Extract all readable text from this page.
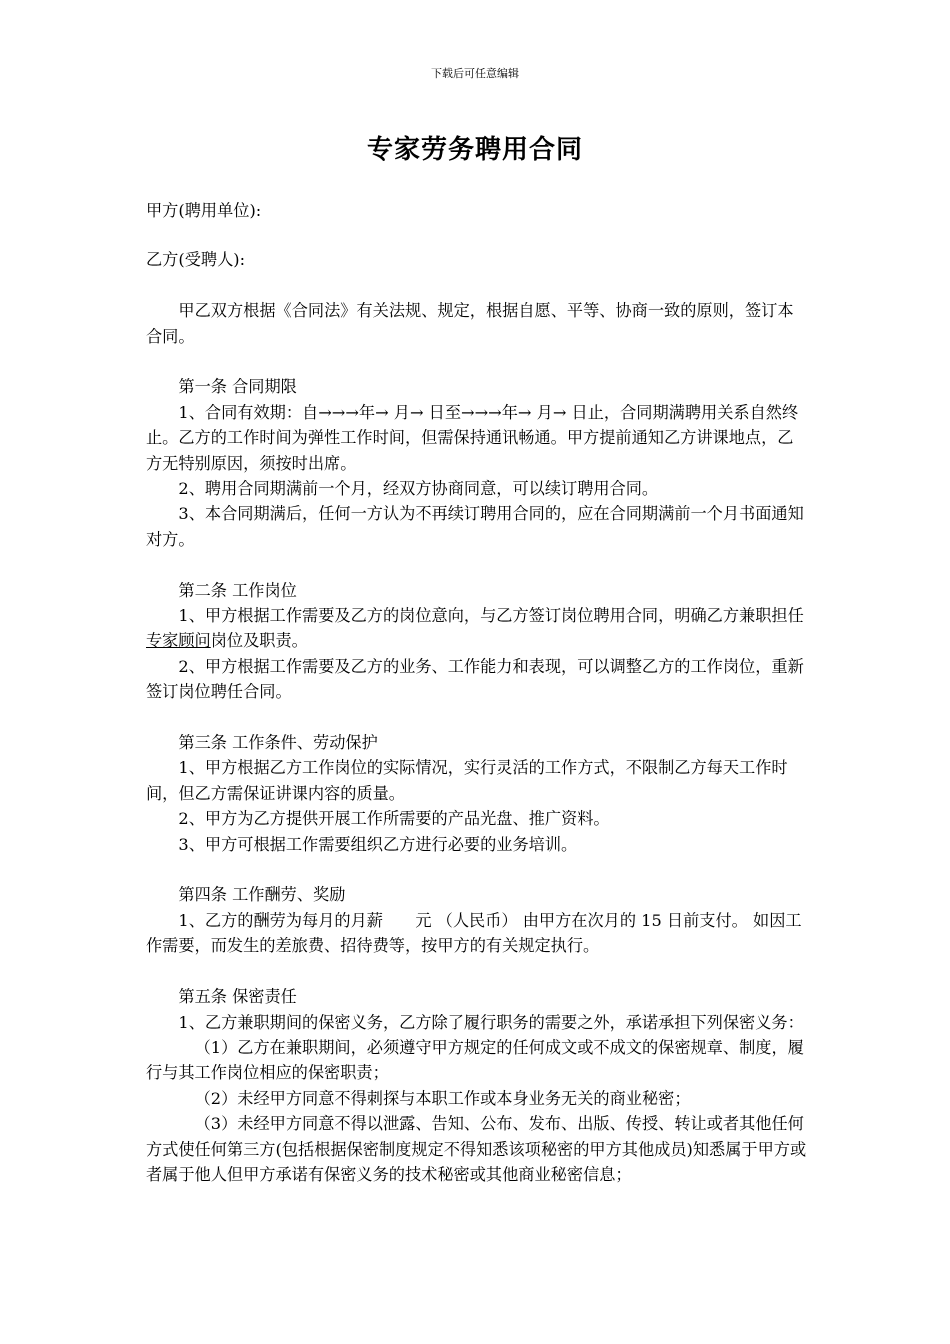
下载后可任意编辑
专家劳务聘用合同

甲方(聘用单位):

乙方(受聘人):

甲乙双方根据《合同法》有关法规、规定，根据自愿、平等、协商一致的原则，签订本合同。

第一条 合同期限

1、合同有效期：自→→→年→ 月→ 日至→→→年→ 月→ 日止，合同期满聘用关系自然终止。乙方的工作时间为弹性工作时间，但需保持通讯畅通。甲方提前通知乙方讲课地点，乙方无特别原因，须按时出席。

2、聘用合同期满前一个月，经双方协商同意，可以续订聘用合同。

3、本合同期满后，任何一方认为不再续订聘用合同的，应在合同期满前一个月书面通知对方。

第二条 工作岗位

1、甲方根据工作需要及乙方的岗位意向，与乙方签订岗位聘用合同，明确乙方兼职担任专家顾问岗位及职责。

2、甲方根据工作需要及乙方的业务、工作能力和表现，可以调整乙方的工作岗位，重新签订岗位聘任合同。

第三条 工作条件、劳动保护

1、甲方根据乙方工作岗位的实际情况，实行灵活的工作方式，不限制乙方每天工作时间，但乙方需保证讲课内容的质量。

2、甲方为乙方提供开展工作所需要的产品光盘、推广资料。

3、甲方可根据工作需要组织乙方进行必要的业务培训。

第四条 工作酬劳、奖励

1、乙方的酬劳为每月的月薪　　元 （人民币） 由甲方在次月的 15 日前支付。 如因工作需要，而发生的差旅费、招待费等，按甲方的有关规定执行。

第五条 保密责任

1、乙方兼职期间的保密义务，乙方除了履行职务的需要之外，承诺承担下列保密义务：

（1）乙方在兼职期间，必须遵守甲方规定的任何成文或不成文的保密规章、制度，履行与其工作岗位相应的保密职责；

（2）未经甲方同意不得刺探与本职工作或本身业务无关的商业秘密；

（3）未经甲方同意不得以泄露、告知、公布、发布、出版、传授、转让或者其他任何方式使任何第三方(包括根据保密制度规定不得知悉该项秘密的甲方其他成员)知悉属于甲方或者属于他人但甲方承诺有保密义务的技术秘密或其他商业秘密信息；
